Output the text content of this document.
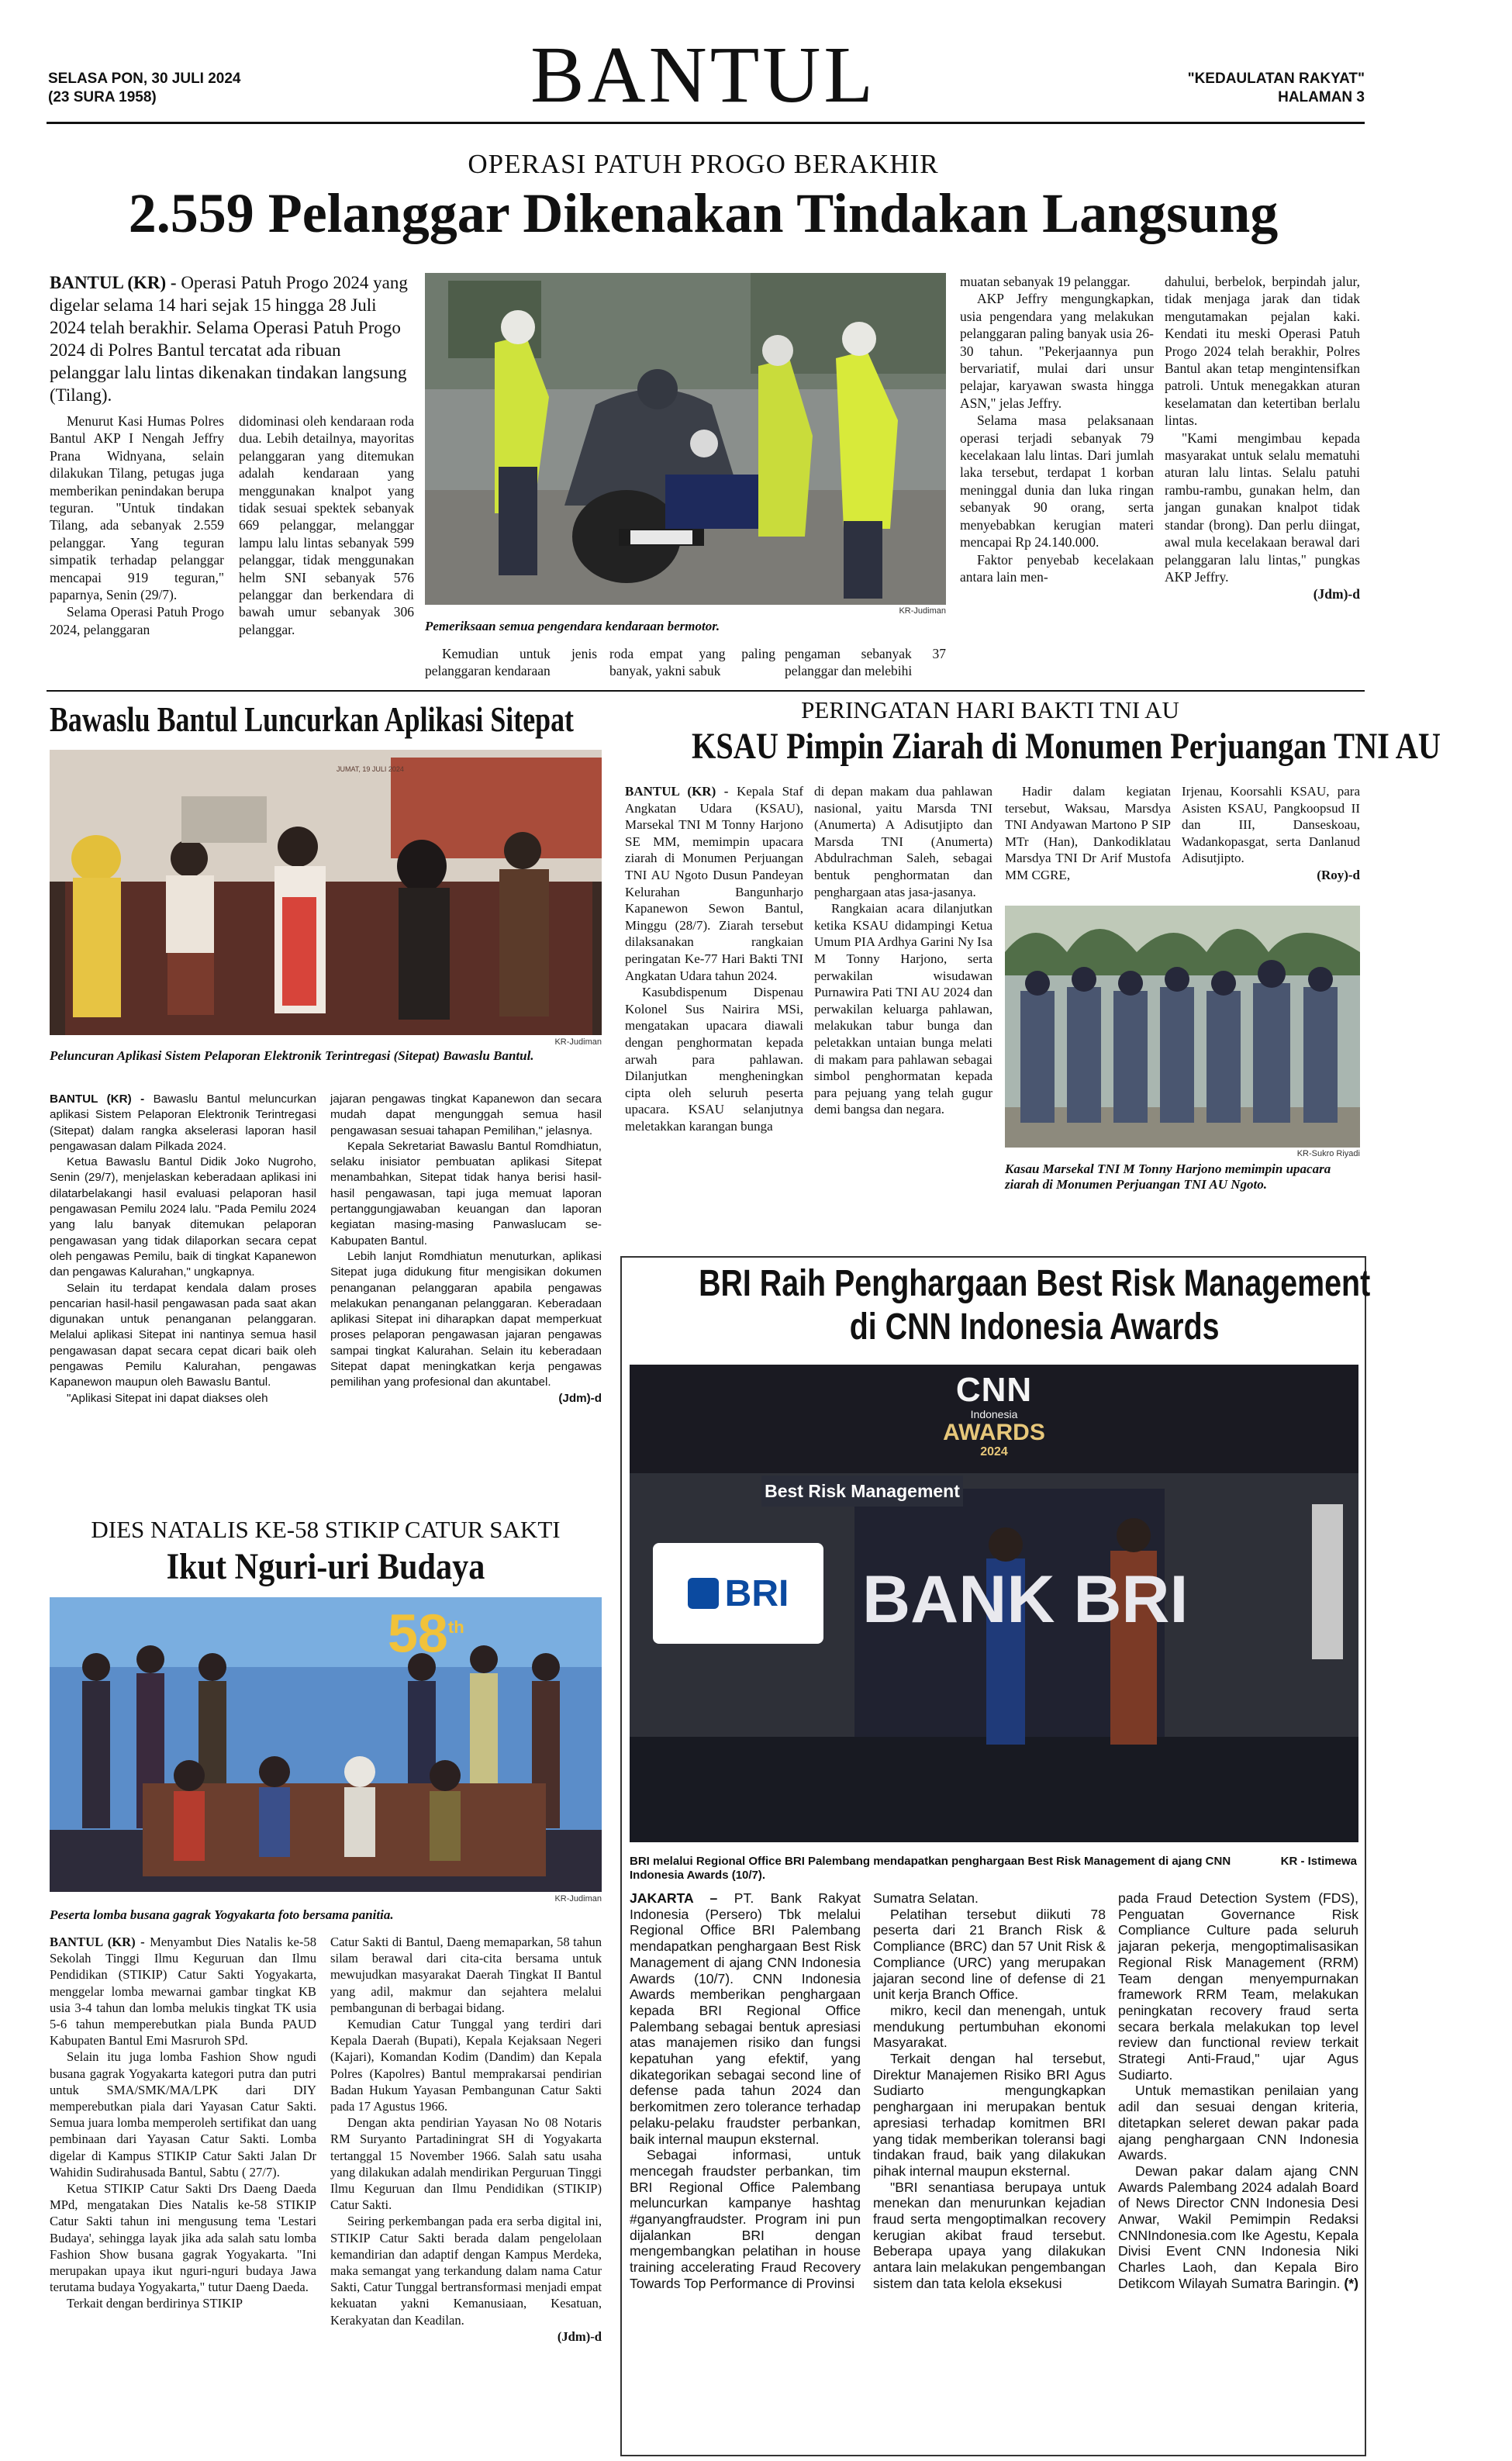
SELASA PON, 30 JULI 2024
(23 SURA 1958)	BANTUL	"KEDAULATAN RAKYAT"
HALAMAN 3
OPERASI PATUH PROGO BERAKHIR
2.559 Pelanggar Dikenakan Tindakan Langsung
BANTUL (KR) - Operasi Patuh Progo 2024 yang digelar selama 14 hari sejak 15 hingga 28 Juli 2024 telah berakhir. Selama Operasi Patuh Progo 2024 di Polres Bantul tercatat ada ribuan pelanggar lalu lintas dikenakan tindakan langsung (Tilang).

Menurut Kasi Humas Polres Bantul AKP I Nengah Jeffry Prana Widnyana, selain dilakukan Tilang, petugas juga memberikan penindakan berupa teguran. "Untuk tindakan Tilang, ada sebanyak 2.559 pelanggar. Yang teguran simpatik terhadap pelanggar mencapai 919 teguran," paparnya, Senin (29/7).

Selama Operasi Patuh Progo 2024, pelanggaran

didominasi oleh kendaraan roda dua. Lebih detailnya, mayoritas pelanggaran yang ditemukan adalah kendaraan yang menggunakan knalpot yang tidak sesuai spektek sebanyak 669 pelanggar, melanggar lampu lalu lintas sebanyak 599 pelanggar, tidak menggunakan helm SNI sebanyak 576 pelanggar dan berkendara di bawah umur sebanyak 306 pelanggar.

KR-Judiman
Pemeriksaan semua pengendara kendaraan bermotor.

Kemudian untuk jenis pelanggaran kendaraan

roda empat yang paling banyak, yakni sabuk

pengaman sebanyak 37 pelanggar dan melebihi

muatan sebanyak 19 pelanggar.

AKP Jeffry mengungkapkan, usia pengendara yang melakukan pelanggaran paling banyak usia 26-30 tahun. "Pekerjaannya pun bervariatif, mulai dari unsur pelajar, karyawan swasta hingga ASN," jelas Jeffry.

Selama masa pelaksanaan operasi terjadi sebanyak 79 kecelakaan lalu lintas. Dari jumlah laka tersebut, terdapat 1 korban meninggal dunia dan luka ringan sebanyak 90 orang, serta menyebabkan kerugian materi mencapai Rp 24.140.000.

Faktor penyebab kecelakaan antara lain men-

dahului, berbelok, berpindah jalur, tidak menjaga jarak dan tidak mengutamakan pejalan kaki. Kendati itu meski Operasi Patuh Progo 2024 telah berakhir, Polres Bantul akan tetap mengintensifkan patroli. Untuk menegakkan aturan keselamatan dan ketertiban berlalu lintas.

"Kami mengimbau kepada masyarakat untuk selalu mematuhi aturan lalu lintas. Selalu patuhi rambu-rambu, gunakan helm, dan jangan gunakan knalpot tidak standar (brong). Dan perlu diingat, awal mula kecelakaan berawal dari pelanggaran lalu lintas," pungkas AKP Jeffry.

(Jdm)-d
Bawaslu Bantul Luncurkan Aplikasi Sitepat
JUMAT, 19 JULI 2024
KR-Judiman
Peluncuran Aplikasi Sistem Pelaporan Elektronik Terintregasi (Sitepat) Bawaslu Bantul.

BANTUL (KR) - Bawaslu Bantul meluncurkan aplikasi Sistem Pelaporan Elektronik Terintregasi (Sitepat) dalam rangka akselerasi laporan hasil pengawasan dalam Pilkada 2024.

Ketua Bawaslu Bantul Didik Joko Nugroho, Senin (29/7), menjelaskan keberadaan aplikasi ini dilatarbelakangi hasil evaluasi pelaporan hasil pengawasan Pemilu 2024 lalu. "Pada Pemilu 2024 yang lalu banyak ditemukan pelaporan pengawasan yang tidak dilaporkan secara cepat oleh pengawas Pemilu, baik di tingkat Kapanewon dan pengawas Kalurahan," ungkapnya.

Selain itu terdapat kendala dalam proses pencarian hasil-hasil pengawasan pada saat akan digunakan untuk penanganan pelanggaran. Melalui aplikasi Sitepat ini nantinya semua hasil pengawasan dapat secara cepat dicari baik oleh pengawas Pemilu Kalurahan, pengawas Kapanewon maupun oleh Bawaslu Bantul.

"Aplikasi Sitepat ini dapat diakses oleh

jajaran pengawas tingkat Kapanewon dan secara mudah dapat mengunggah semua hasil pengawasan sesuai tahapan Pemilihan," jelasnya.

Kepala Sekretariat Bawaslu Bantul Romdhiatun, selaku inisiator pembuatan aplikasi Sitepat menambahkan, Sitepat tidak hanya berisi hasil-hasil pengawasan, tapi juga memuat laporan pertanggungjawaban keuangan dan laporan kegiatan masing-masing Panwaslucam se-Kabupaten Bantul.

Lebih lanjut Romdhiatun menuturkan, aplikasi Sitepat juga didukung fitur mengisikan dokumen penanganan pelanggaran apabila pengawas melakukan penanganan pelanggaran. Keberadaan aplikasi Sitepat ini diharapkan dapat memperkuat proses pelaporan pengawasan jajaran pengawas sampai tingkat Kalurahan. Selain itu keberadaan Sitepat dapat meningkatkan kerja pengawas pemilihan yang profesional dan akuntabel.

(Jdm)-d
DIES NATALIS KE-58 STIKIP CATUR SAKTI
Ikut Nguri-uri Budaya
58th
KR-Judiman
Peserta lomba busana gagrak Yogyakarta foto bersama panitia.

BANTUL (KR) - Menyambut Dies Natalis ke-58 Sekolah Tinggi Ilmu Keguruan dan Ilmu Pendidikan (STIKIP) Catur Sakti Yogyakarta, menggelar lomba mewarnai gambar tingkat KB usia 3-4 tahun dan lomba melukis tingkat TK usia 5-6 tahun memperebutkan piala Bunda PAUD Kabupaten Bantul Emi Masruroh SPd.

Selain itu juga lomba Fashion Show ngudi busana gagrak Yogyakarta kategori putra dan putri untuk SMA/SMK/MA/LPK dari DIY memperebutkan piala dari Yayasan Catur Sakti. Semua juara lomba memperoleh sertifikat dan uang pembinaan dari Yayasan Catur Sakti. Lomba digelar di Kampus STIKIP Catur Sakti Jalan Dr Wahidin Sudirahusada Bantul, Sabtu ( 27/7).

Ketua STIKIP Catur Sakti Drs Daeng Daeda MPd, mengatakan Dies Natalis ke-58 STIKIP Catur Sakti tahun ini mengusung tema 'Lestari Budaya', sehingga layak jika ada salah satu lomba Fashion Show busana gagrak Yogyakarta. "Ini merupakan upaya ikut nguri-nguri budaya Jawa terutama budaya Yogyakarta," tutur Daeng Daeda.

Terkait dengan berdirinya STIKIP

Catur Sakti di Bantul, Daeng memaparkan, 58 tahun silam berawal dari cita-cita bersama untuk mewujudkan masyarakat Daerah Tingkat II Bantul yang adil, makmur dan sejahtera melalui pembangunan di berbagai bidang.

Kemudian Catur Tunggal yang terdiri dari Kepala Daerah (Bupati), Kepala Kejaksaan Negeri (Kajari), Komandan Kodim (Dandim) dan Kepala Polres (Kapolres) Bantul memprakarsai pendirian Badan Hukum Yayasan Pembangunan Catur Sakti pada 17 Agustus 1966.

Dengan akta pendirian Yayasan No 08 Notaris RM Suryanto Partadiningrat SH di Yogyakarta tertanggal 15 November 1966. Salah satu usaha yang dilakukan adalah mendirikan Perguruan Tinggi Ilmu Keguruan dan Ilmu Pendidikan (STIKIP) Catur Sakti.

Seiring perkembangan pada era serba digital ini, STIKIP Catur Sakti berada dalam pengelolaan kemandirian dan adaptif dengan Kampus Merdeka, maka semangat yang terkandung dalam nama Catur Sakti, Catur Tunggal bertransformasi menjadi empat kekuatan yakni Kemanusiaan, Kesatuan, Kerakyatan dan Keadilan.

(Jdm)-d
PERINGATAN HARI BAKTI TNI AU
KSAU Pimpin Ziarah di Monumen Perjuangan TNI AU

BANTUL (KR) - Kepala Staf Angkatan Udara (KSAU), Marsekal TNI M Tonny Harjono SE MM, memimpin upacara ziarah di Monumen Perjuangan TNI AU Ngoto Dusun Pandeyan Kelurahan Bangunharjo Kapanewon Sewon Bantul, Minggu (28/7). Ziarah tersebut dilaksanakan rangkaian peringatan Ke-77 Hari Bakti TNI Angkatan Udara tahun 2024.

Kasubdispenum Dispenau Kolonel Sus Nairira MSi, mengatakan upacara diawali dengan penghormatan kepada arwah para pahlawan. Dilanjutkan mengheningkan cipta oleh seluruh peserta upacara. KSAU selanjutnya meletakkan karangan bunga

di depan makam dua pahlawan nasional, yaitu Marsda TNI (Anumerta) A Adisutjipto dan Marsda TNI (Anumerta) Abdulrachman Saleh, sebagai bentuk penghormatan dan penghargaan atas jasa-jasanya.

Rangkaian acara dilanjutkan ketika KSAU didampingi Ketua Umum PIA Ardhya Garini Ny Isa M Tonny Harjono, serta perwakilan wisudawan Purnawira Pati TNI AU 2024 dan perwakilan keluarga pahlawan, melakukan tabur bunga dan peletakkan untaian bunga melati di makam para pahlawan sebagai simbol penghormatan kepada para pejuang yang telah gugur demi bangsa dan negara.

Hadir dalam kegiatan tersebut, Waksau, Marsdya TNI Andyawan Martono P SIP MTr (Han), Dankodiklatau Marsdya TNI Dr Arif Mustofa MM CGRE,

Irjenau, Koorsahli KSAU, para Asisten KSAU, Pangkoopsud II dan III, Danseskoau, Wadankopasgat, serta Danlanud Adisutjipto.

(Roy)-d
KR-Sukro Riyadi
Kasau Marsekal TNI M Tonny Harjono memimpin upacara ziarah di Monumen Perjuangan TNI AU Ngoto.
BRI Raih Penghargaan Best Risk Management
di CNN Indonesia Awards
CNN
Indonesia
AWARDS
2024
Best Risk Management
BRI BANK BRI
BRI melalui Regional Office BRI Palembang mendapatkan penghargaan Best Risk Management di ajang CNN Indonesia Awards (10/7).
KR - Istimewa

JAKARTA – PT. Bank Rakyat Indonesia (Persero) Tbk melalui Regional Office BRI Palembang mendapatkan penghargaan Best Risk Management di ajang CNN Indonesia Awards (10/7). CNN Indonesia Awards memberikan penghargaan kepada BRI Regional Office Palembang sebagai bentuk apresiasi atas manajemen risiko dan fungsi kepatuhan yang efektif, yang dikategorikan sebagai second line of defense pada tahun 2024 dan berkomitmen zero tolerance terhadap pelaku-pelaku fraudster perbankan, baik internal maupun eksternal.

Sebagai informasi, untuk mencegah fraudster perbankan, tim BRI Regional Office Palembang meluncurkan kampanye hashtag #ganyangfraudster. Program ini pun dijalankan BRI dengan mengembangkan pelatihan in house training accelerating Fraud Recovery Towards Top Performance di Provinsi

Sumatra Selatan.

Pelatihan tersebut diikuti 78 peserta dari 21 Branch Risk & Compliance (BRC) dan 57 Unit Risk & Compliance (URC) yang merupakan jajaran second line of defense di 21 unit kerja Branch Office.

mikro, kecil dan menengah, untuk mendukung pertumbuhan ekonomi Masyarakat.

Terkait dengan hal tersebut, Direktur Manajemen Risiko BRI Agus Sudiarto mengungkapkan penghargaan ini merupakan bentuk apresiasi terhadap komitmen BRI yang tidak memberikan toleransi bagi tindakan fraud, baik yang dilakukan pihak internal maupun eksternal.

"BRI senantiasa berupaya untuk menekan dan menurunkan kejadian fraud serta mengoptimalkan recovery kerugian akibat fraud tersebut. Beberapa upaya yang dilakukan antara lain melakukan pengembangan sistem dan tata kelola eksekusi

pada Fraud Detection System (FDS), Penguatan Governance Risk Compliance Culture pada seluruh jajaran pekerja, mengoptimalisasikan Regional Risk Management (RRM) Team dengan menyempurnakan framework RRM Team, melakukan peningkatan recovery fraud serta secara berkala melakukan top level review dan functional review terkait Strategi Anti-Fraud," ujar Agus Sudiarto.

Untuk memastikan penilaian yang adil dan sesuai dengan kriteria, ditetapkan seleret dewan pakar pada ajang penghargaan CNN Indonesia Awards.

Dewan pakar dalam ajang CNN Awards Palembang 2024 adalah Board of News Director CNN Indonesia Desi Anwar, Wakil Pemimpin Redaksi CNNIndonesia.com Ike Agestu, Kepala Divisi Event CNN Indonesia Niki Charles Laoh, dan Kepala Biro Detikcom Wilayah Sumatra Baringin. (*)
